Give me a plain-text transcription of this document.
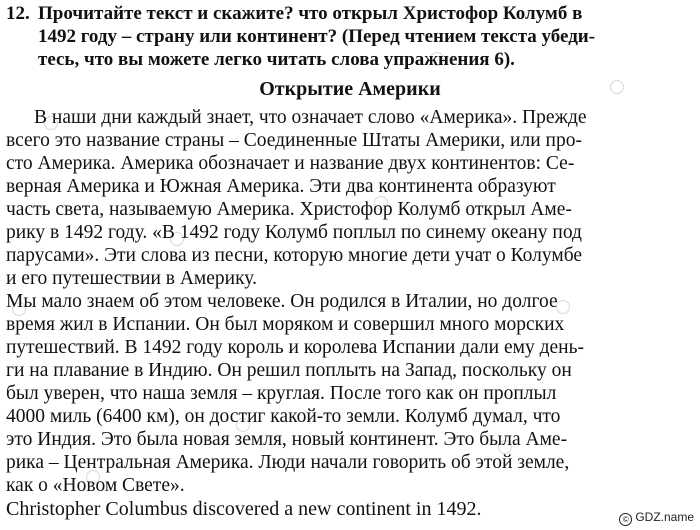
12. Прочитайте текст и скажите? что открыл Христофор Колумб в
1492 году – страну или континент? (Перед чтением текста убеди-
тесь, что вы можете легко читать слова упражнения 6).
Открытие Америки
В наши дни каждый знает, что означает слово «Америка». Прежде
всего это название страны – Соединенные Штаты Америки, или про-
сто Америка. Америка обозначает и название двух континентов: Се-
верная Америка и Южная Америка. Эти два континента образуют
часть света, называемую Америка. Христофор Колумб открыл Аме-
рику в 1492 году. «В 1492 году Колумб поплыл по синему океану под
парусами». Эти слова из песни, которую многие дети учат о Колумбе
и его путешествии в Америку.
Мы мало знаем об этом человеке. Он родился в Италии, но долгое
время жил в Испании. Он был моряком и совершил много морских
путешествий. В 1492 году король и королева Испании дали ему день-
ги на плавание в Индию. Он решил поплыть на Запад, поскольку он
был уверен, что наша земля – круглая. После того как он проплыл
4000 миль (6400 км), он достиг какой-то земли. Колумб думал, что
это Индия. Это была новая земля, новый континент. Это была Аме-
рика – Центральная Америка. Люди начали говорить об этой земле,
как о «Новом Свете».
Christopher Columbus discovered a new continent in 1492.	© GDZ.name
